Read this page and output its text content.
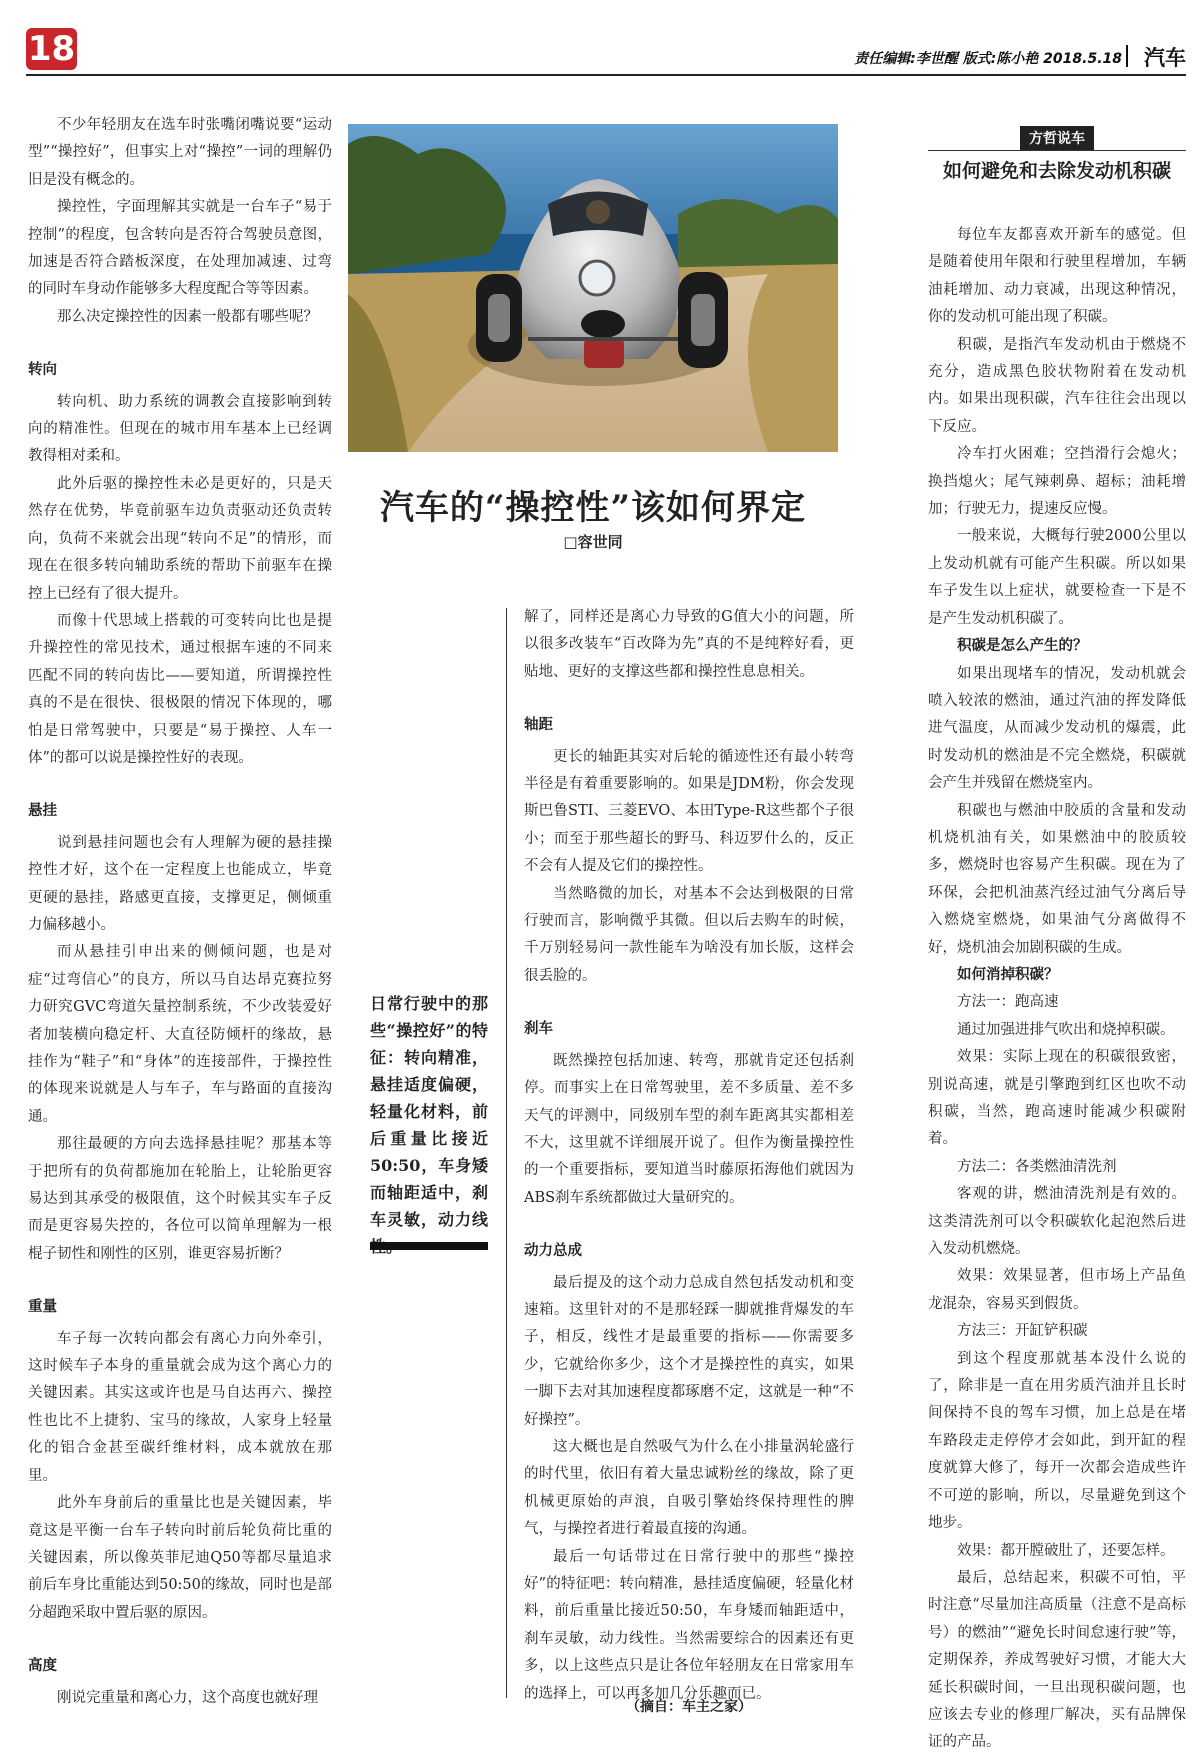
18	责任编辑:李世醒 版式:陈小艳 2018.5.18 汽车

不少年轻朋友在选车时张嘴闭嘴说要“运动型”“操控好”，但事实上对“操控”一词的理解仍旧是没有概念的。

操控性，字面理解其实就是一台车子“易于控制”的程度，包含转向是否符合驾驶员意图，加速是否符合踏板深度，在处理加减速、过弯的同时车身动作能够多大程度配合等等因素。

那么决定操控性的因素一般都有哪些呢？

转向

转向机、助力系统的调教会直接影响到转向的精准性。但现在的城市用车基本上已经调教得相对柔和。

此外后驱的操控性未必是更好的，只是天然存在优势，毕竟前驱车边负责驱动还负责转向，负荷不来就会出现“转向不足”的情形，而现在在很多转向辅助系统的帮助下前驱车在操控上已经有了很大提升。

而像十代思域上搭载的可变转向比也是提升操控性的常见技术，通过根据车速的不同来匹配不同的转向齿比——要知道，所谓操控性真的不是在很快、很极限的情况下体现的，哪怕是日常驾驶中，只要是“易于操控、人车一体”的都可以说是操控性好的表现。

悬挂

说到悬挂问题也会有人理解为硬的悬挂操控性才好，这个在一定程度上也能成立，毕竟更硬的悬挂，路感更直接，支撑更足，侧倾重力偏移越小。

而从悬挂引申出来的侧倾问题，也是对症“过弯信心”的良方，所以马自达昂克赛拉努力研究GVC弯道矢量控制系统，不少改装爱好者加装横向稳定杆、大直径防倾杆的缘故，悬挂作为“鞋子”和“身体”的连接部件，于操控性的体现来说就是人与车子，车与路面的直接沟通。

那往最硬的方向去选择悬挂呢？那基本等于把所有的负荷都施加在轮胎上，让轮胎更容易达到其承受的极限值，这个时候其实车子反而是更容易失控的，各位可以简单理解为一根棍子韧性和刚性的区别，谁更容易折断？

重量

车子每一次转向都会有离心力向外牵引，这时候车子本身的重量就会成为这个离心力的关键因素。其实这或许也是马自达再六、操控性也比不上捷豹、宝马的缘故，人家身上轻量化的铝合金甚至碳纤维材料，成本就放在那里。

此外车身前后的重量比也是关键因素，毕竟这是平衡一台车子转向时前后轮负荷比重的关键因素，所以像英菲尼迪Q50等都尽量追求前后车身比重能达到50:50的缘故，同时也是部分超跑采取中置后驱的原因。

高度

刚说完重量和离心力，这个高度也就好理

汽车的“操控性”该如何界定
□容世同
日常行驶中的那些“操控好”的特征：转向精准，悬挂适度偏硬，轻量化材料，前后重量比接近50:50，车身矮而轴距适中，刹车灵敏，动力线

解了，同样还是离心力导致的G值大小的问题，所以很多改装车“百改降为先”真的不是纯粹好看，更贴地、更好的支撑这些都和操控性息息相关。

轴距

更长的轴距其实对后轮的循迹性还有最小转弯半径是有着重要影响的。如果是JDM粉，你会发现斯巴鲁STI、三菱EVO、本田Type-R这些都个子很小；而至于那些超长的野马、科迈罗什么的，反正不会有人提及它们的操控性。

当然略微的加长，对基本不会达到极限的日常行驶而言，影响微乎其微。但以后去购车的时候，千万别轻易问一款性能车为啥没有加长版，这样会很丢脸的。

刹车

既然操控包括加速、转弯，那就肯定还包括刹停。而事实上在日常驾驶里，差不多质量、差不多天气的评测中，同级别车型的刹车距离其实都相差不大，这里就不详细展开说了。但作为衡量操控性的一个重要指标，要知道当时藤原拓海他们就因为ABS刹车系统都做过大量研究的。

动力总成

最后提及的这个动力总成自然包括发动机和变速箱。这里针对的不是那轻踩一脚就推背爆发的车子，相反，线性才是最重要的指标——你需要多少，它就给你多少，这个才是操控性的真实，如果一脚下去对其加速程度都琢磨不定，这就是一种“不好操控”。

这大概也是自然吸气为什么在小排量涡轮盛行的时代里，依旧有着大量忠诚粉丝的缘故，除了更机械更原始的声浪，自吸引擎始终保持理性的脾气，与操控者进行着最直接的沟通。

最后一句话带过在日常行驶中的那些“操控好”的特征吧：转向精准，悬挂适度偏硬，轻量化材料，前后重量比接近50:50，车身矮而轴距适中，刹车灵敏，动力线性。当然需要综合的因素还有更多，以上这些点只是让各位年轻朋友在日常家用车的选择上，可以再多加几分乐趣而已。

（摘自：车主之家）
方哲说车
如何避免和去除发动机积碳

每位车友都喜欢开新车的感觉。但是随着使用年限和行驶里程增加，车辆油耗增加、动力衰减，出现这种情况，你的发动机可能出现了积碳。

积碳，是指汽车发动机由于燃烧不充分，造成黑色胶状物附着在发动机内。如果出现积碳，汽车往往会出现以下反应。

冷车打火困难；空挡滑行会熄火；换挡熄火；尾气辣刺鼻、超标；油耗增加；行驶无力，提速反应慢。

一般来说，大概每行驶2000公里以上发动机就有可能产生积碳。所以如果车子发生以上症状，就要检查一下是不是产生发动机积碳了。

积碳是怎么产生的？

如果出现堵车的情况，发动机就会喷入较浓的燃油，通过汽油的挥发降低进气温度，从而减少发动机的爆震，此时发动机的燃油是不完全燃烧，积碳就会产生并残留在燃烧室内。

积碳也与燃油中胶质的含量和发动机烧机油有关，如果燃油中的胶质较多，燃烧时也容易产生积碳。现在为了环保，会把机油蒸汽经过油气分离后导入燃烧室燃烧，如果油气分离做得不好，烧机油会加剧积碳的生成。

如何消掉积碳？

方法一：跑高速

通过加强进排气吹出和烧掉积碳。

效果：实际上现在的积碳很致密，别说高速，就是引擎跑到红区也吹不动积碳，当然，跑高速时能减少积碳附着。

方法二：各类燃油清洗剂

客观的讲，燃油清洗剂是有效的。这类清洗剂可以令积碳软化起泡然后进入发动机燃烧。

效果：效果显著，但市场上产品鱼龙混杂，容易买到假货。

方法三：开缸铲积碳

到这个程度那就基本没什么说的了，除非是一直在用劣质汽油并且长时间保持不良的驾车习惯，加上总是在堵车路段走走停停才会如此，到开缸的程度就算大修了，每开一次都会造成些许不可逆的影响，所以，尽量避免到这个地步。

效果：都开膛破肚了，还要怎样。

最后，总结起来，积碳不可怕，平时注意“尽量加注高质量（注意不是高标号）的燃油”“避免长时间怠速行驶”等，定期保养，养成驾驶好习惯，才能大大延长积碳时间，一旦出现积碳问题，也应该去专业的修理厂解决，买有品牌保证的产品。
